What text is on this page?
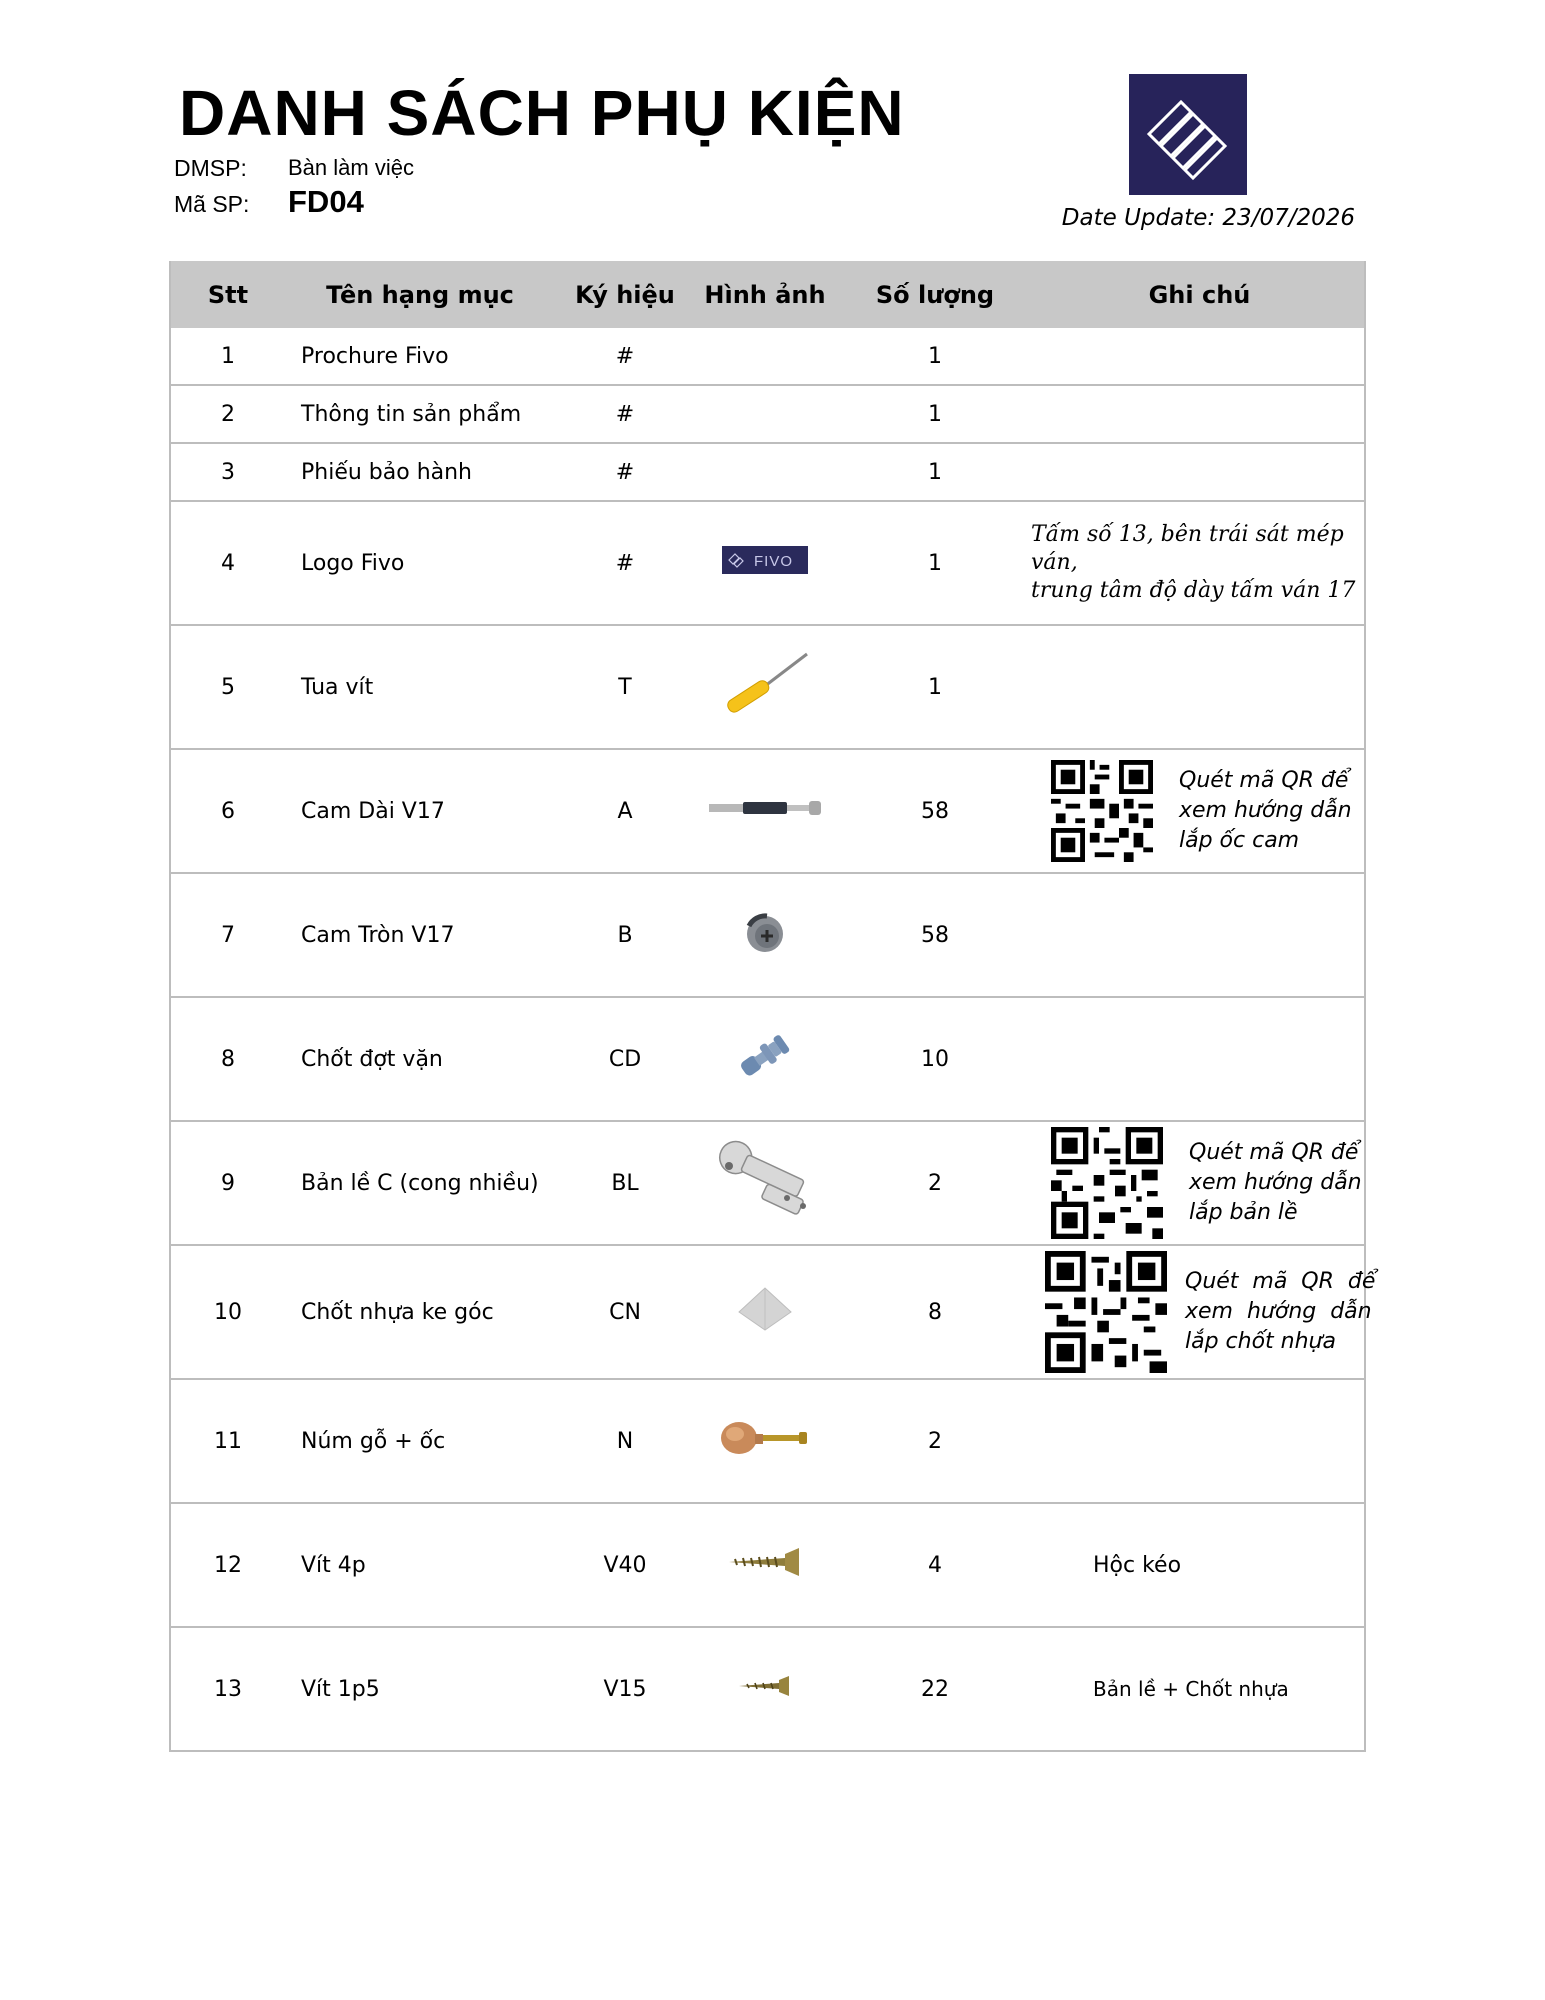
DANH SÁCH PHỤ KIỆN
DMSP: Bàn làm việc
Mã SP: FD04	Date Update: 23/07/2026
Stt	Tên hạng mục	Ký hiệu	Hình ảnh	Số lượng	Ghi chú
1	Prochure Fivo	#		1	
2	Thông tin sản phẩm	#		1	
3	Phiếu bảo hành	#		1	
4	Logo Fivo	#	FIVO	1	Tấm số 13, bên trái sát mép ván,
trung tâm độ dày tấm ván 17

5	Tua vít	T		1	
6	Cam Dài V17	A		58	Quét mã QR để
xem hướng dẫn
lắp ốc cam

7	Cam Tròn V17	B		58	
8	Chốt đợt vặn	CD		10	
9	Bản lề C (cong nhiều)	BL		2	Quét mã QR để
xem hướng dẫn
lắp bản lề

10	Chốt nhựa ke góc	CN		8	Quét  mã  QR  để
xem  hướng  dẫn
lắp chốt nhựa

11	Núm gỗ + ốc	N		2	
12	Vít 4p	V40		4	Hộc kéo
13	Vít 1p5	V15		22	Bản lề + Chốt nhựa
